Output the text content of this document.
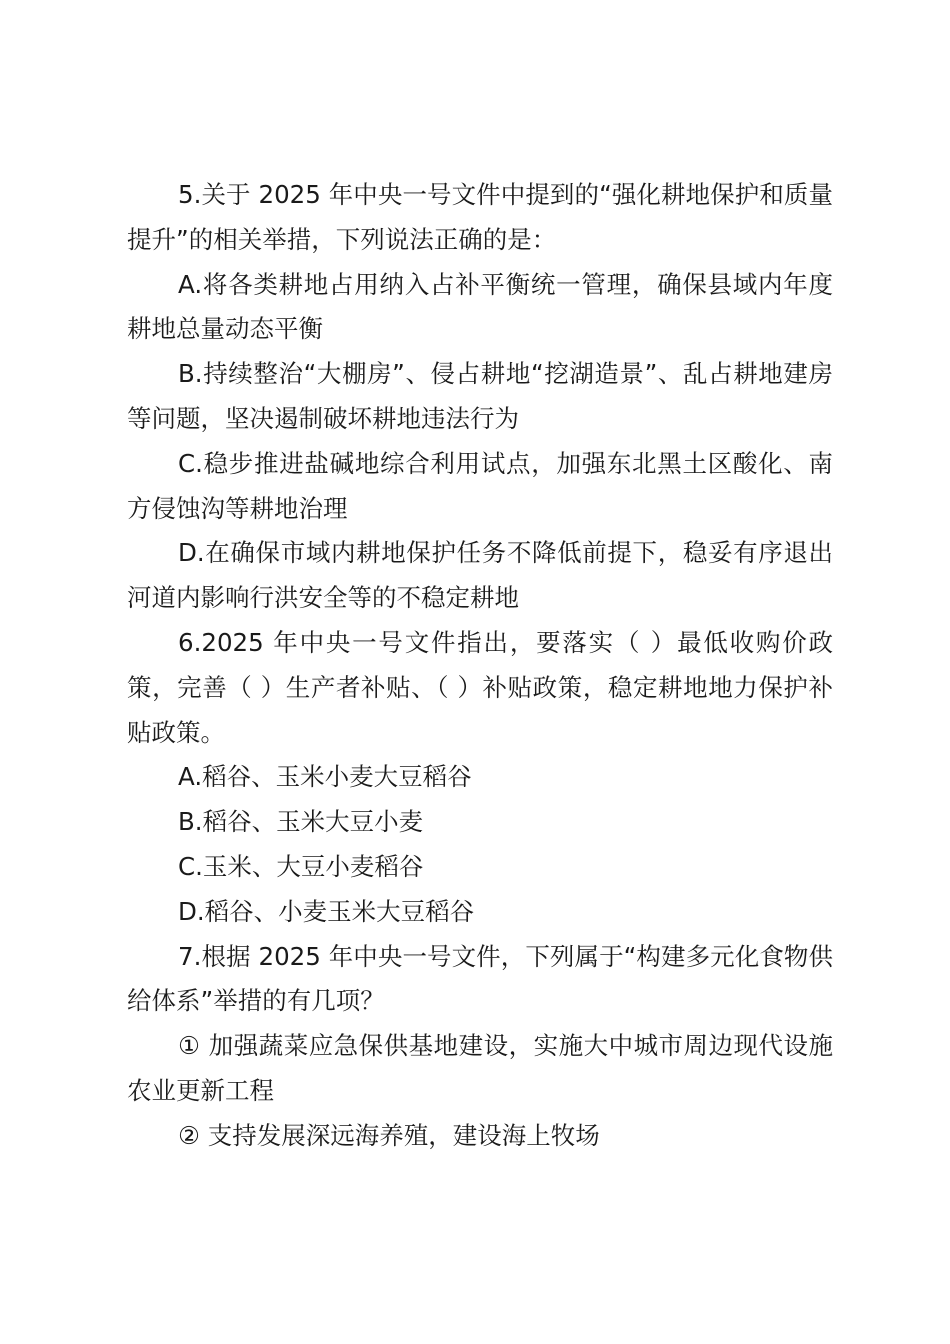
5.关于 2025 年中央一号文件中提到的“强化耕地保护和质量提升”的相关举措，下列说法正确的是：

A.将各类耕地占用纳入占补平衡统一管理，确保县域内年度耕地总量动态平衡

B.持续整治“大棚房”、侵占耕地“挖湖造景”、乱占耕地建房等问题，坚决遏制破坏耕地违法行为

C.稳步推进盐碱地综合利用试点，加强东北黑土区酸化、南方侵蚀沟等耕地治理

D.在确保市域内耕地保护任务不降低前提下，稳妥有序退出河道内影响行洪安全等的不稳定耕地

6.2025 年中央一号文件指出，要落实（ ）最低收购价政策，完善（ ）生产者补贴、（ ）补贴政策，稳定耕地地力保护补贴政策。

A.稻谷、玉米小麦大豆稻谷

B.稻谷、玉米大豆小麦

C.玉米、大豆小麦稻谷

D.稻谷、小麦玉米大豆稻谷

7.根据 2025 年中央一号文件，下列属于“构建多元化食物供给体系”举措的有几项？

① 加强蔬菜应急保供基地建设，实施大中城市周边现代设施农业更新工程

② 支持发展深远海养殖，建设海上牧场
